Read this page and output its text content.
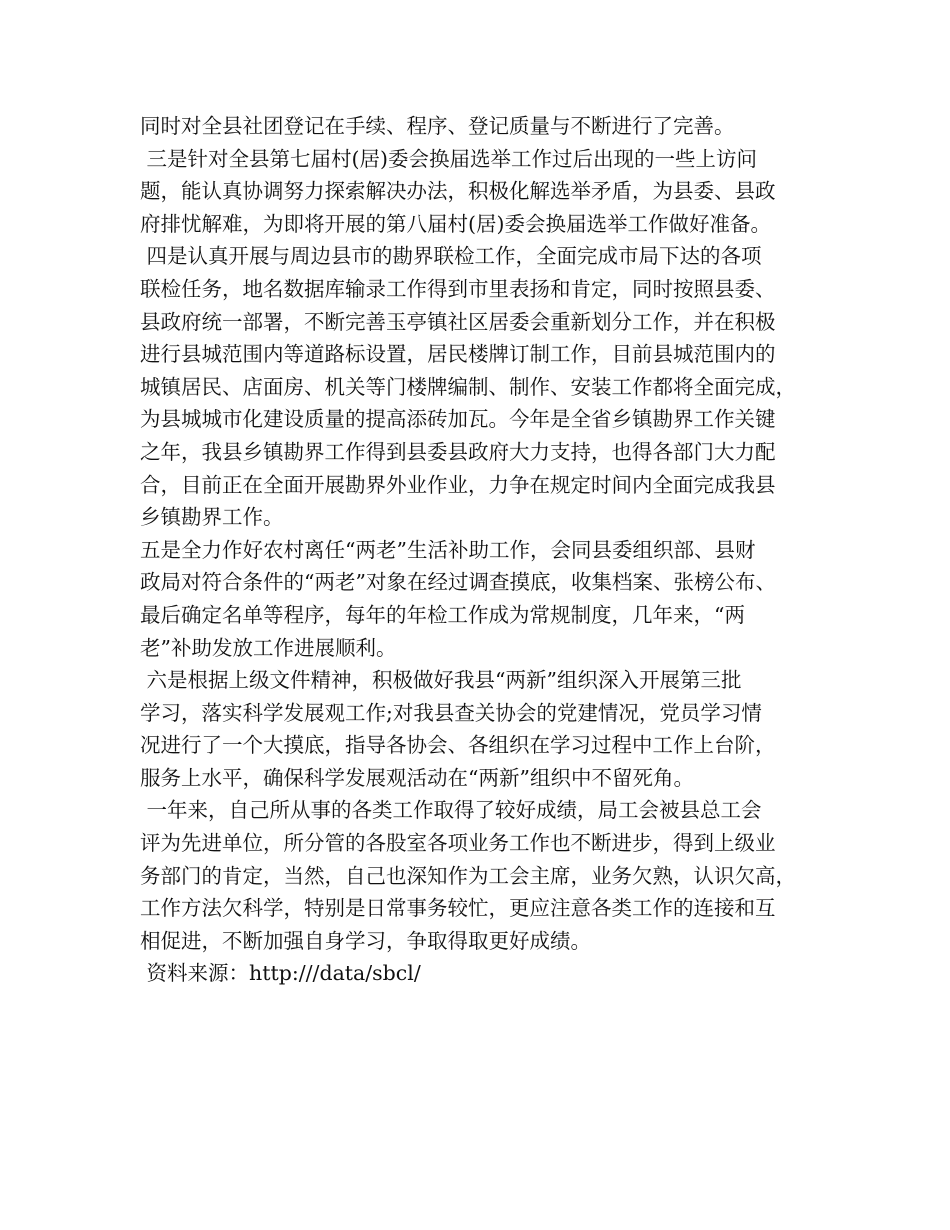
同时对全县社团登记在手续、程序、登记质量与不断进行了完善。
三是针对全县第七届村(居)委会换届选举工作过后出现的一些上访问
题，能认真协调努力探索解决办法，积极化解选举矛盾，为县委、县政
府排忧解难，为即将开展的第八届村(居)委会换届选举工作做好准备。
四是认真开展与周边县市的勘界联检工作，全面完成市局下达的各项
联检任务，地名数据库输录工作得到市里表扬和肯定，同时按照县委、
县政府统一部署，不断完善玉亭镇社区居委会重新划分工作，并在积极
进行县城范围内等道路标设置，居民楼牌订制工作，目前县城范围内的
城镇居民、店面房、机关等门楼牌编制、制作、安装工作都将全面完成，
为县城城市化建设质量的提高添砖加瓦。今年是全省乡镇勘界工作关键
之年，我县乡镇勘界工作得到县委县政府大力支持，也得各部门大力配
合，目前正在全面开展勘界外业作业，力争在规定时间内全面完成我县
乡镇勘界工作。
五是全力作好农村离任“两老”生活补助工作，会同县委组织部、县财
政局对符合条件的“两老”对象在经过调查摸底，收集档案、张榜公布、
最后确定名单等程序，每年的年检工作成为常规制度，几年来，“两
老”补助发放工作进展顺利。
六是根据上级文件精神，积极做好我县“两新”组织深入开展第三批
学习，落实科学发展观工作;对我县查关协会的党建情况，党员学习情
况进行了一个大摸底，指导各协会、各组织在学习过程中工作上台阶，
服务上水平，确保科学发展观活动在“两新”组织中不留死角。
一年来，自己所从事的各类工作取得了较好成绩，局工会被县总工会
评为先进单位，所分管的各股室各项业务工作也不断进步，得到上级业
务部门的肯定，当然，自己也深知作为工会主席，业务欠熟，认识欠高，
工作方法欠科学，特别是日常事务较忙，更应注意各类工作的连接和互
相促进，不断加强自身学习，争取得取更好成绩。
资料来源：http:///data/sbcl/
